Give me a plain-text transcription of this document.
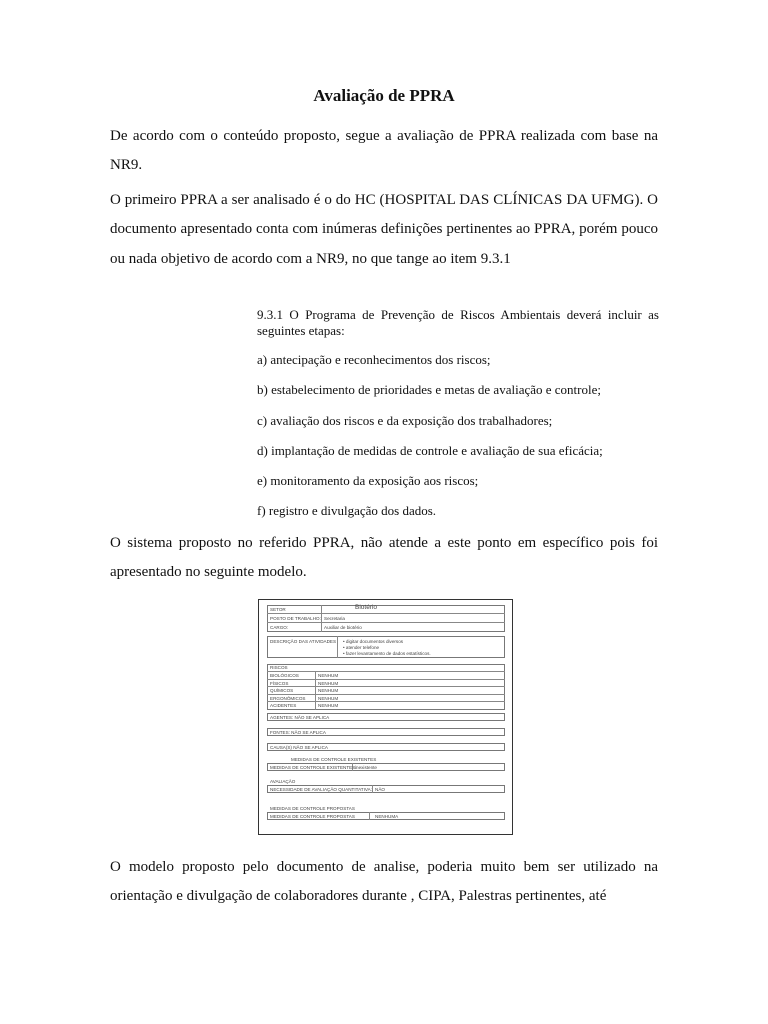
Avaliação de PPRA
De acordo com o conteúdo proposto, segue a avaliação de PPRA realizada com base na NR9.
O primeiro PPRA a ser analisado é o do HC (HOSPITAL DAS CLÍNICAS DA UFMG). O documento apresentado conta com inúmeras definições pertinentes ao PPRA, porém pouco ou nada objetivo de acordo com a NR9, no que tange ao item 9.3.1
9.3.1 O Programa de Prevenção de Riscos Ambientais deverá incluir as seguintes etapas:
a) antecipação e reconhecimentos dos riscos;
b) estabelecimento de prioridades e metas de avaliação e controle;
c) avaliação dos riscos e da exposição dos trabalhadores;
d) implantação de medidas de controle e avaliação de sua eficácia;
e) monitoramento da exposição aos riscos;
f) registro e divulgação dos dados.
O sistema proposto no referido PPRA, não atende a este ponto em específico pois foi apresentado no seguinte modelo.
SETOR	Biotério
POSTO DE TRABALHO: Secretaria
CARGO:	Auxiliar de biotério
DESCRIÇÃO DAS ATIVIDADES • digitar documentos diversos
• atender telefone
• fazer levantamento de dados estatísticos.
RISCOS
BIOLÓGICOS	NENHUM
FÍSICOS	NENHUM
QUÍMICOS	NENHUM
ERGONÔMICOS	NENHUM
ACIDENTES	NENHUM
AGENTES: NÃO SE APLICA
FONTES: NÃO SE APLICA
CAUSA(S) NÃO SE APLICA
MEDIDAS DE CONTROLE EXISTENTES
MEDIDAS DE CONTROLE EXISTENTES:
inexistente
AVALIAÇÃO
NECESSIDADE DE AVALIAÇÃO QUANTITATIVA: NÃO
MEDIDAS DE CONTROLE PROPOSTAS
MEDIDAS DE CONTROLE PROPOSTAS	NENHUMA
O modelo proposto pelo documento de analise, poderia muito bem ser utilizado na orientação e divulgação de colaboradores durante , CIPA, Palestras pertinentes, até
